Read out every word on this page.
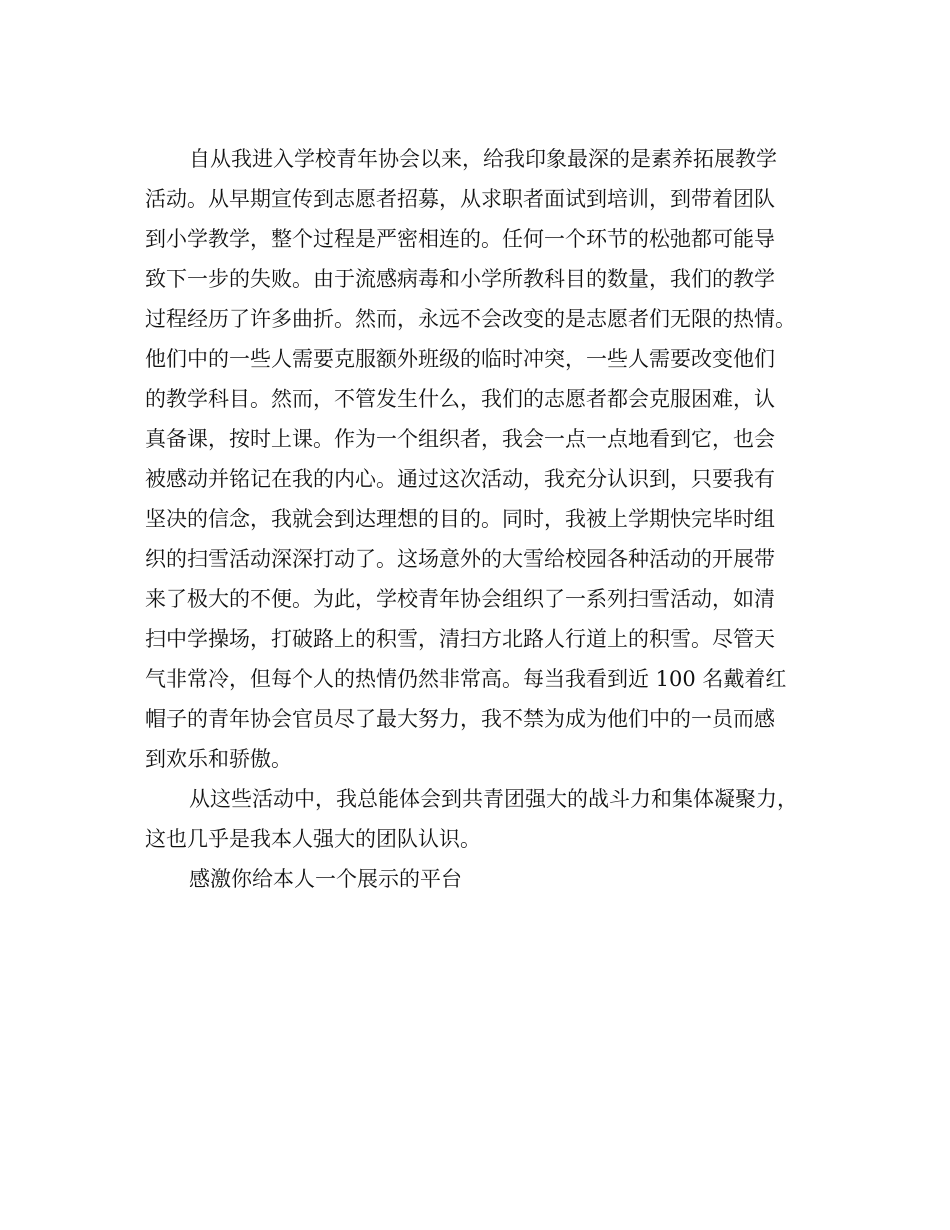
自从我进入学校青年协会以来，给我印象最深的是素养拓展教学
活动。从早期宣传到志愿者招募，从求职者面试到培训，到带着团队
到小学教学，整个过程是严密相连的。任何一个环节的松弛都可能导
致下一步的失败。由于流感病毒和小学所教科目的数量，我们的教学
过程经历了许多曲折。然而，永远不会改变的是志愿者们无限的热情。
他们中的一些人需要克服额外班级的临时冲突，一些人需要改变他们
的教学科目。然而，不管发生什么，我们的志愿者都会克服困难，认
真备课，按时上课。作为一个组织者，我会一点一点地看到它，也会
被感动并铭记在我的内心。通过这次活动，我充分认识到，只要我有
坚决的信念，我就会到达理想的目的。同时，我被上学期快完毕时组
织的扫雪活动深深打动了。这场意外的大雪给校园各种活动的开展带
来了极大的不便。为此，学校青年协会组织了一系列扫雪活动，如清
扫中学操场，打破路上的积雪，清扫方北路人行道上的积雪。尽管天
气非常冷，但每个人的热情仍然非常高。每当我看到近 100 名戴着红
帽子的青年协会官员尽了最大努力，我不禁为成为他们中的一员而感
到欢乐和骄傲。
从这些活动中，我总能体会到共青团强大的战斗力和集体凝聚力，
这也几乎是我本人强大的团队认识。
感激你给本人一个展示的平台
